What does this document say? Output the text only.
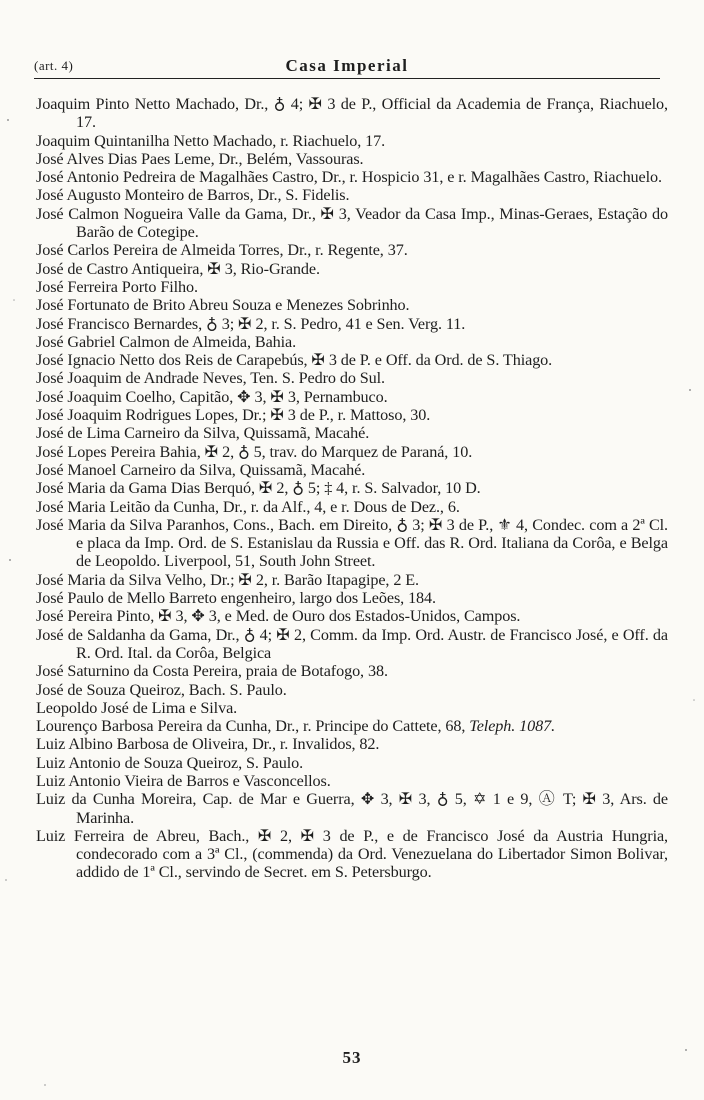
(art. 4)	Casa Imperial
Joaquim Pinto Netto Machado, Dr., ♁ 4; ✠ 3 de P., Official da Academia de França, Riachuelo, 17.
Joaquim Quintanilha Netto Machado, r. Riachuelo, 17.
José Alves Dias Paes Leme, Dr., Belém, Vassouras.
José Antonio Pedreira de Magalhães Castro, Dr., r. Hospicio 31, e r. Magalhães Castro, Riachuelo.
José Augusto Monteiro de Barros, Dr., S. Fidelis.
José Calmon Nogueira Valle da Gama, Dr., ✠ 3, Veador da Casa Imp., Minas-Geraes, Estação do Barão de Cotegipe.
José Carlos Pereira de Almeida Torres, Dr., r. Regente, 37.
José de Castro Antiqueira, ✠ 3, Rio-Grande.
José Ferreira Porto Filho.
José Fortunato de Brito Abreu Souza e Menezes Sobrinho.
José Francisco Bernardes, ♁ 3; ✠ 2, r. S. Pedro, 41 e Sen. Verg. 11.
José Gabriel Calmon de Almeida, Bahia.
José Ignacio Netto dos Reis de Carapebús, ✠ 3 de P. e Off. da Ord. de S. Thiago.
José Joaquim de Andrade Neves, Ten. S. Pedro do Sul.
José Joaquim Coelho, Capitão, ✥ 3, ✠ 3, Pernambuco.
José Joaquim Rodrigues Lopes, Dr.; ✠ 3 de P., r. Mattoso, 30.
José de Lima Carneiro da Silva, Quissamã, Macahé.
José Lopes Pereira Bahia, ✠ 2, ♁ 5, trav. do Marquez de Paraná, 10.
José Manoel Carneiro da Silva, Quissamã, Macahé.
José Maria da Gama Dias Berquó, ✠ 2, ♁ 5; ‡ 4, r. S. Salvador, 10 D.
José Maria Leitão da Cunha, Dr., r. da Alf., 4, e r. Dous de Dez., 6.
José Maria da Silva Paranhos, Cons., Bach. em Direito, ♁ 3; ✠ 3 de P., ⚜ 4, Condec. com a 2ª Cl. e placa da Imp. Ord. de S. Estanislau da Russia e Off. das R. Ord. Italiana da Corôa, e Belga de Leopoldo. Liverpool, 51, South John Street.
José Maria da Silva Velho, Dr.; ✠ 2, r. Barão Itapagipe, 2 E.
José Paulo de Mello Barreto engenheiro, largo dos Leões, 184.
José Pereira Pinto, ✠ 3, ✥ 3, e Med. de Ouro dos Estados-Unidos, Campos.
José de Saldanha da Gama, Dr., ♁ 4; ✠ 2, Comm. da Imp. Ord. Austr. de Francisco José, e Off. da R. Ord. Ital. da Corôa, Belgica
José Saturnino da Costa Pereira, praia de Botafogo, 38.
José de Souza Queiroz, Bach. S. Paulo.
Leopoldo José de Lima e Silva.
Lourenço Barbosa Pereira da Cunha, Dr., r. Principe do Cattete, 68, Teleph. 1087.
Luiz Albino Barbosa de Oliveira, Dr., r. Invalidos, 82.
Luiz Antonio de Souza Queiroz, S. Paulo.
Luiz Antonio Vieira de Barros e Vasconcellos.
Luiz da Cunha Moreira, Cap. de Mar e Guerra, ✥ 3, ✠ 3, ♁ 5, ✡ 1 e 9, Ⓐ T; ✠ 3, Ars. de Marinha.
Luiz Ferreira de Abreu, Bach., ✠ 2, ✠ 3 de P., e de Francisco José da Austria Hungria, condecorado com a 3ª Cl., (commenda) da Ord. Venezuelana do Libertador Simon Bolivar, addido de 1ª Cl., servindo de Secret. em S. Petersburgo.
53
